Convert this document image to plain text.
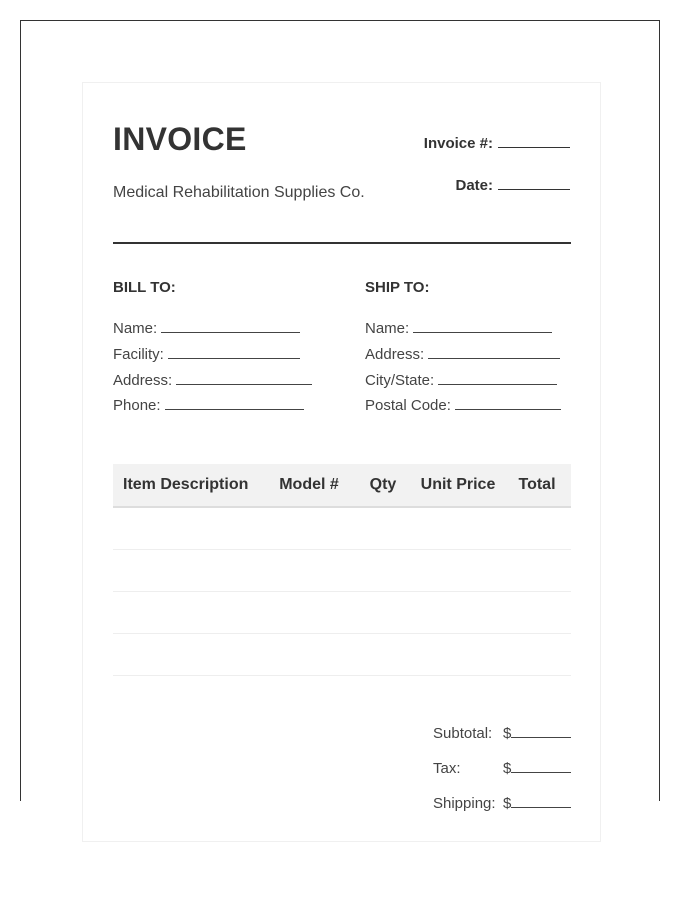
INVOICE
Medical Rehabilitation Supplies Co.
Invoice #:
Date:
BILL TO:
Name:
Facility:
Address:
Phone:
SHIP TO:
Name:
Address:
City/State:
Postal Code:
Item Description	Model #	Qty	Unit Price	Total
Subtotal: $
Tax:	$
Shipping: $
